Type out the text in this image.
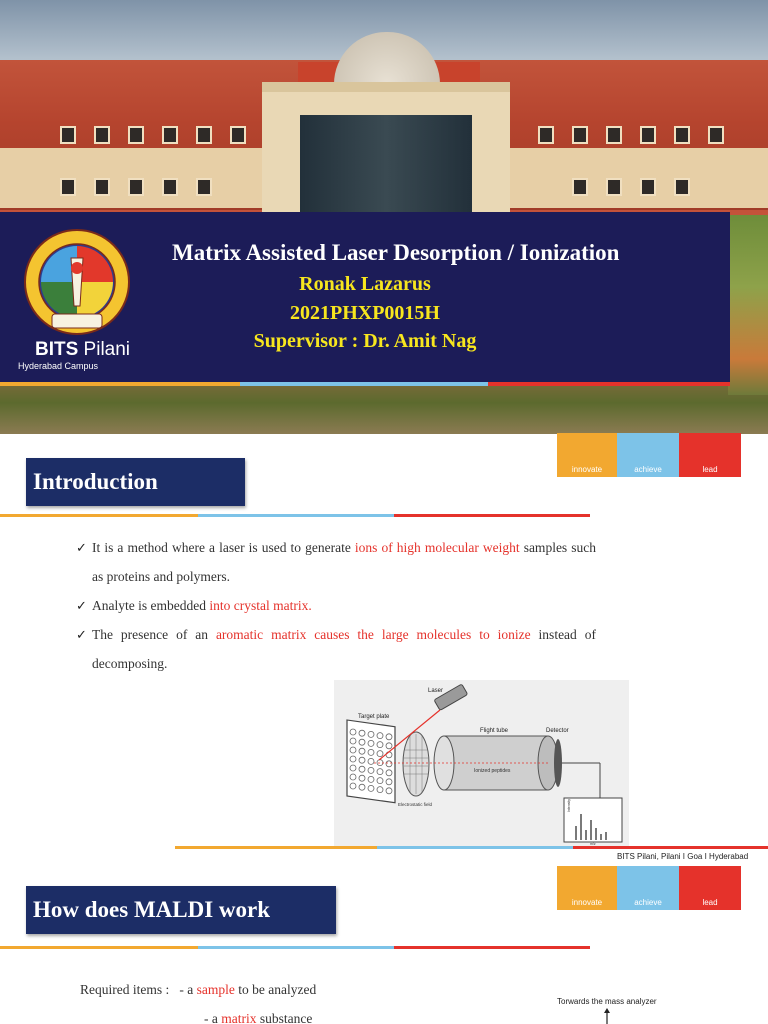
BITS Pilani
Hyderabad Campus
Matrix Assisted Laser Desorption / Ionization
Ronak Lazarus
2021PHXP0015H
Supervisor : Dr. Amit Nag
Introduction	innovate	achieve	lead
✓ It is a method where a laser is used to generate ions of high molecular weight samples such as proteins and polymers.
✓ Analyte is embedded into crystal matrix.
✓ The presence of an aromatic matrix causes the large molecules to ionize instead of decomposing.
Laser
Target plate
Flight tube	Detector
Ionized peptides
Electrostatic field	Intensity
m/z
BITS Pilani, Pilani I Goa I Hyderabad
How does MALDI work	innovate	achieve	lead
Required items : - a sample to be analyzed
- a matrix substance
Torwards the mass analyzer
